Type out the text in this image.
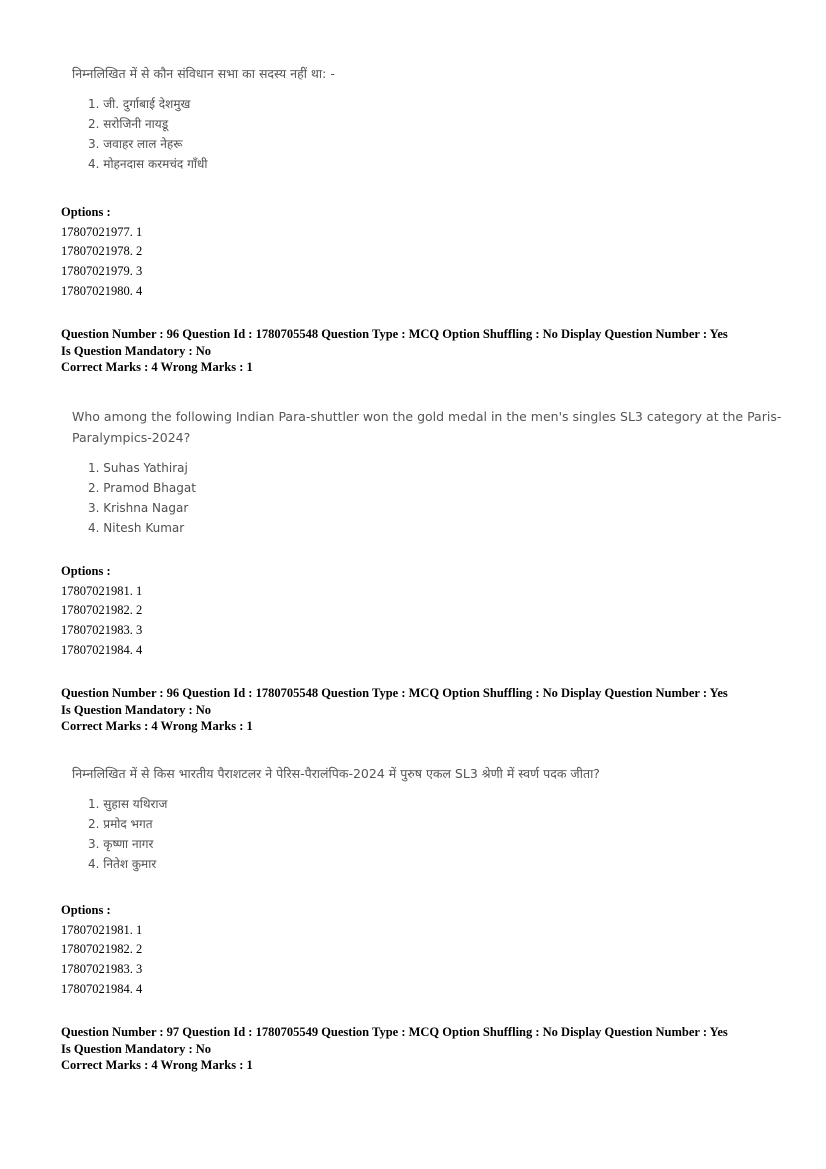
निम्नलिखित में से कौन संविधान सभा का सदस्य नहीं था: -
1. जी. दुर्गाबाई देशमुख
2. सरोजिनी नायडू
3. जवाहर लाल नेहरू
4. मोहनदास करमचंद गाँधी
Options :
17807021977. 1
17807021978. 2
17807021979. 3
17807021980. 4
Question Number : 96 Question Id : 1780705548 Question Type : MCQ Option Shuffling : No Display Question Number : Yes
Is Question Mandatory : No
Correct Marks : 4 Wrong Marks : 1
Who among the following Indian Para-shuttler won the gold medal in the men's singles SL3 category at the Paris-
Paralympics-2024?
1. Suhas Yathiraj
2. Pramod Bhagat
3. Krishna Nagar
4. Nitesh Kumar
Options :
17807021981. 1
17807021982. 2
17807021983. 3
17807021984. 4
Question Number : 96 Question Id : 1780705548 Question Type : MCQ Option Shuffling : No Display Question Number : Yes
Is Question Mandatory : No
Correct Marks : 4 Wrong Marks : 1
निम्नलिखित में से किस भारतीय पैराशटलर ने पेरिस-पैरालंपिक-2024 में पुरुष एकल SL3 श्रेणी में स्वर्ण पदक जीता?
1. सुहास यथिराज
2. प्रमोद भगत
3. कृष्णा नागर
4. नितेश कुमार
Options :
17807021981. 1
17807021982. 2
17807021983. 3
17807021984. 4
Question Number : 97 Question Id : 1780705549 Question Type : MCQ Option Shuffling : No Display Question Number : Yes
Is Question Mandatory : No
Correct Marks : 4 Wrong Marks : 1
